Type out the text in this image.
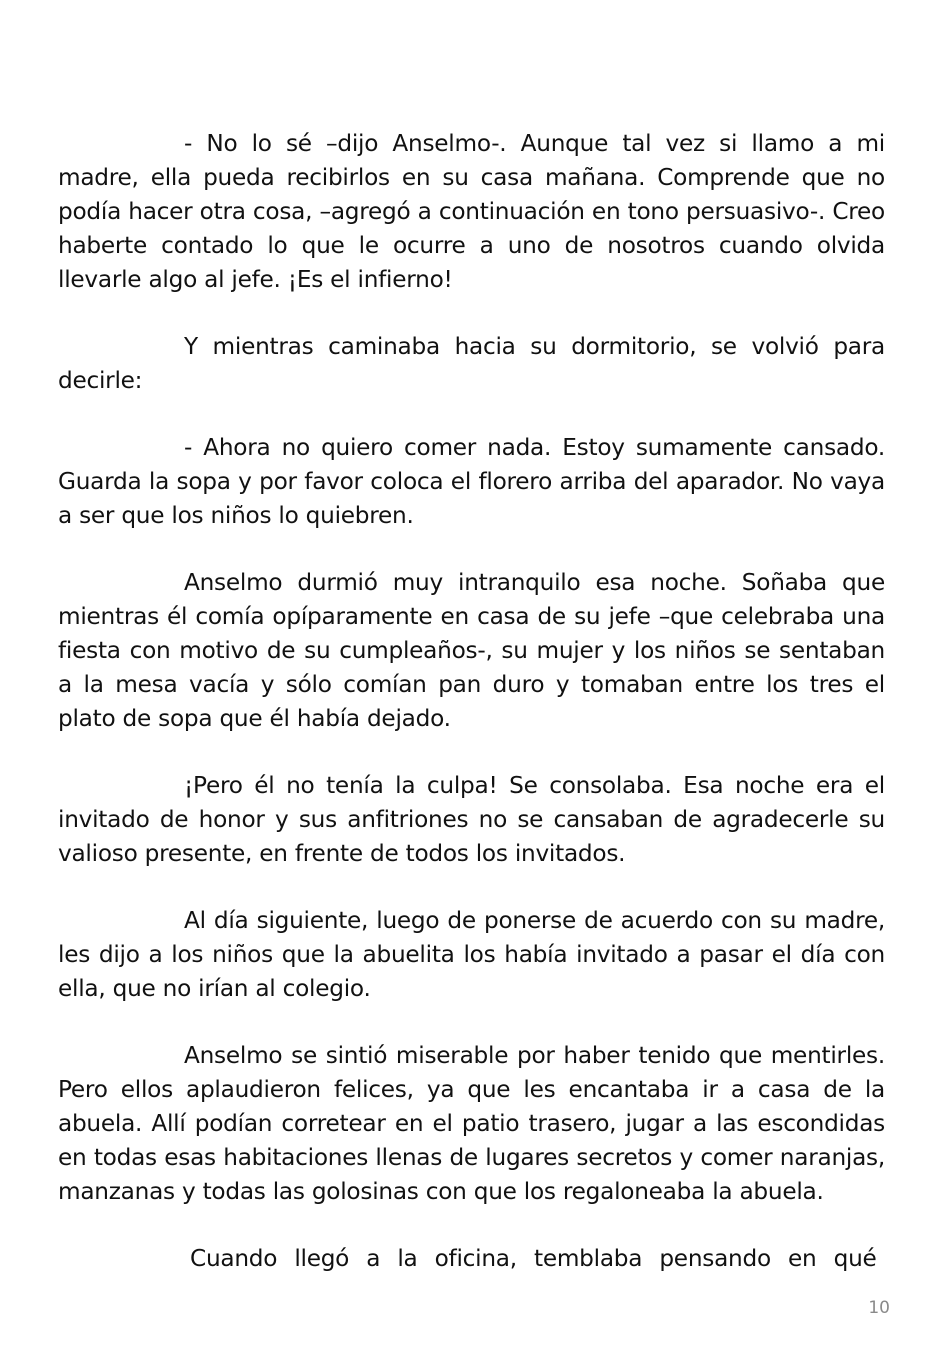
- No lo sé –dijo Anselmo-. Aunque tal vez si llamo a mi madre, ella pueda recibirlos en su casa mañana. Comprende que no podía hacer otra cosa, –agregó a continuación en tono persuasivo-. Creo haberte contado lo que le ocurre a uno de nosotros cuando olvida llevarle algo al jefe. ¡Es el infierno!

Y mientras caminaba hacia su dormitorio, se volvió para decirle:

- Ahora no quiero comer nada. Estoy sumamente cansado. Guarda la sopa y por favor coloca el florero arriba del aparador. No vaya a ser que los niños lo quiebren.

Anselmo durmió muy intranquilo esa noche. Soñaba que mientras él comía opíparamente en casa de su jefe –que celebraba una fiesta con motivo de su cumpleaños-, su mujer y los niños se sentaban a la mesa vacía y sólo comían pan duro y tomaban entre los tres el plato de sopa que él había dejado.

¡Pero él no tenía la culpa! Se consolaba. Esa noche era el invitado de honor y sus anfitriones no se cansaban de agradecerle su valioso presente, en frente de todos los invitados.

Al día siguiente, luego de ponerse de acuerdo con su madre, les dijo a los niños que la abuelita los había invitado a pasar el día con ella, que no irían al colegio.

Anselmo se sintió miserable por haber tenido que mentirles. Pero ellos aplaudieron felices, ya que les encantaba ir a casa de la abuela. Allí podían corretear en el patio trasero, jugar a las escondidas en todas esas habitaciones llenas de lugares secretos y comer naranjas, manzanas y todas las golosinas con que los regaloneaba la abuela.

Cuando llegó a la oficina, temblaba pensando en qué

10
